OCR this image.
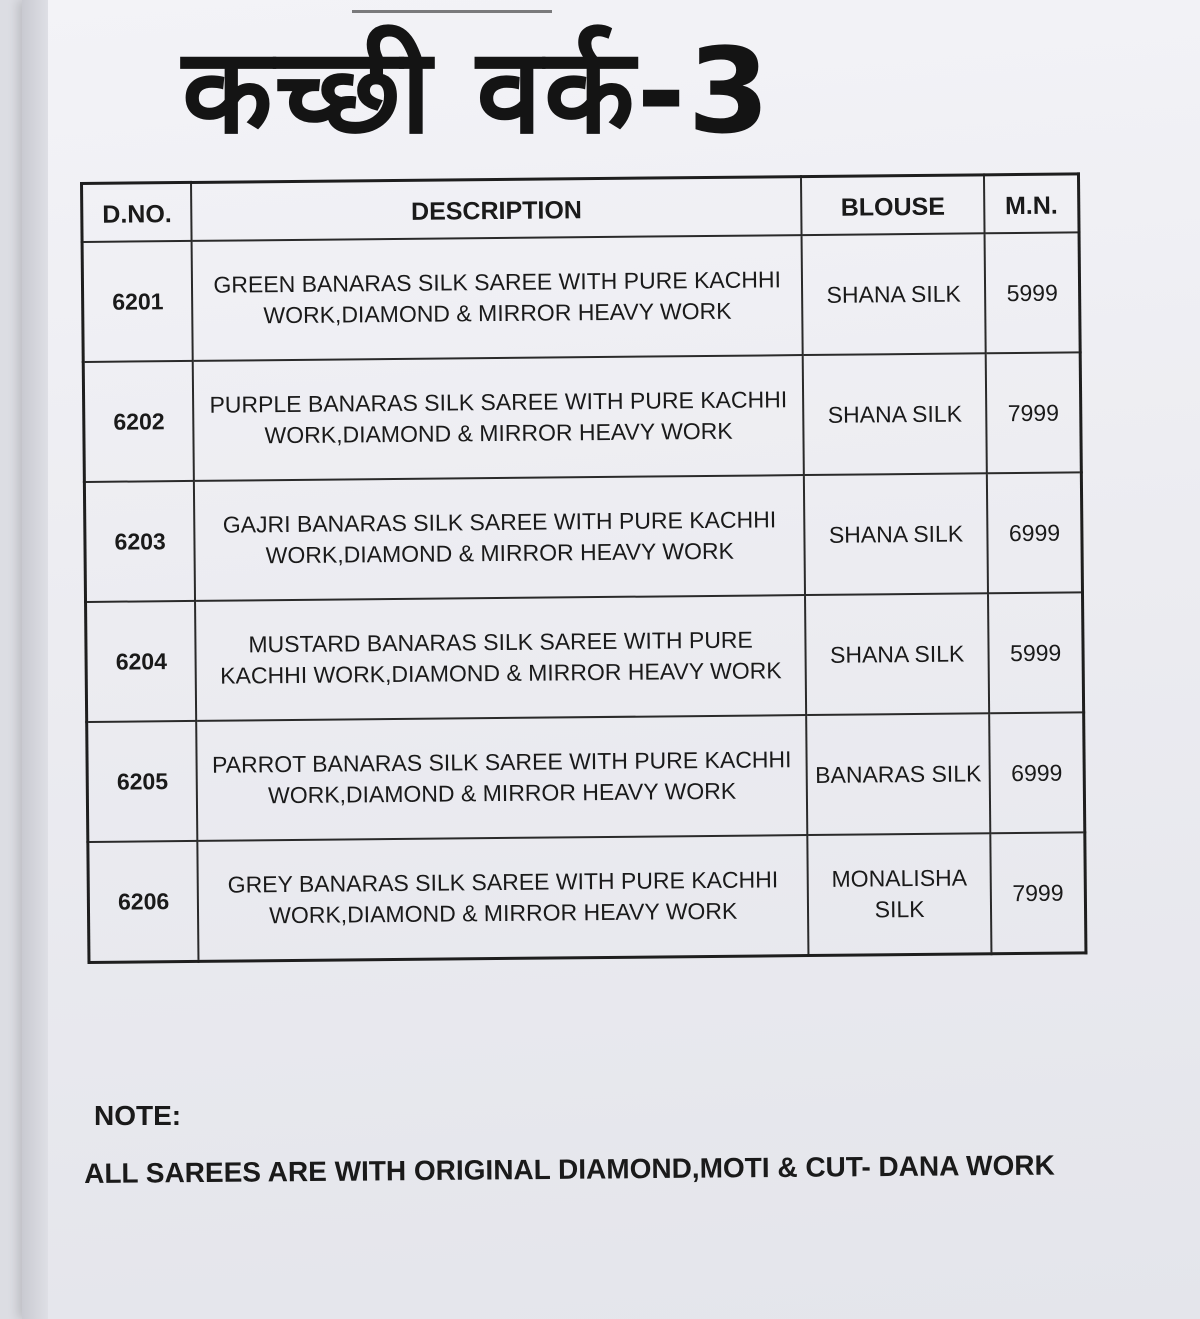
कच्छी वर्क-3
D.NO.	DESCRIPTION	BLOUSE	M.N.
6201	GREEN BANARAS SILK SAREE WITH PURE KACHHI WORK,DIAMOND & MIRROR HEAVY WORK	SHANA SILK	5999
6202	PURPLE BANARAS SILK SAREE WITH PURE KACHHI WORK,DIAMOND & MIRROR HEAVY WORK	SHANA SILK	7999
6203	GAJRI BANARAS SILK SAREE WITH PURE KACHHI WORK,DIAMOND & MIRROR HEAVY WORK	SHANA SILK	6999
6204	MUSTARD BANARAS SILK SAREE WITH PURE KACHHI WORK,DIAMOND & MIRROR HEAVY WORK	SHANA SILK	5999
6205	PARROT BANARAS SILK SAREE WITH PURE KACHHI WORK,DIAMOND & MIRROR HEAVY WORK	BANARAS SILK	6999
6206	GREY BANARAS SILK SAREE WITH PURE KACHHI WORK,DIAMOND & MIRROR HEAVY WORK	MONALISHA SILK	7999
NOTE:
ALL SAREES ARE WITH ORIGINAL DIAMOND,MOTI & CUT- DANA WORK
